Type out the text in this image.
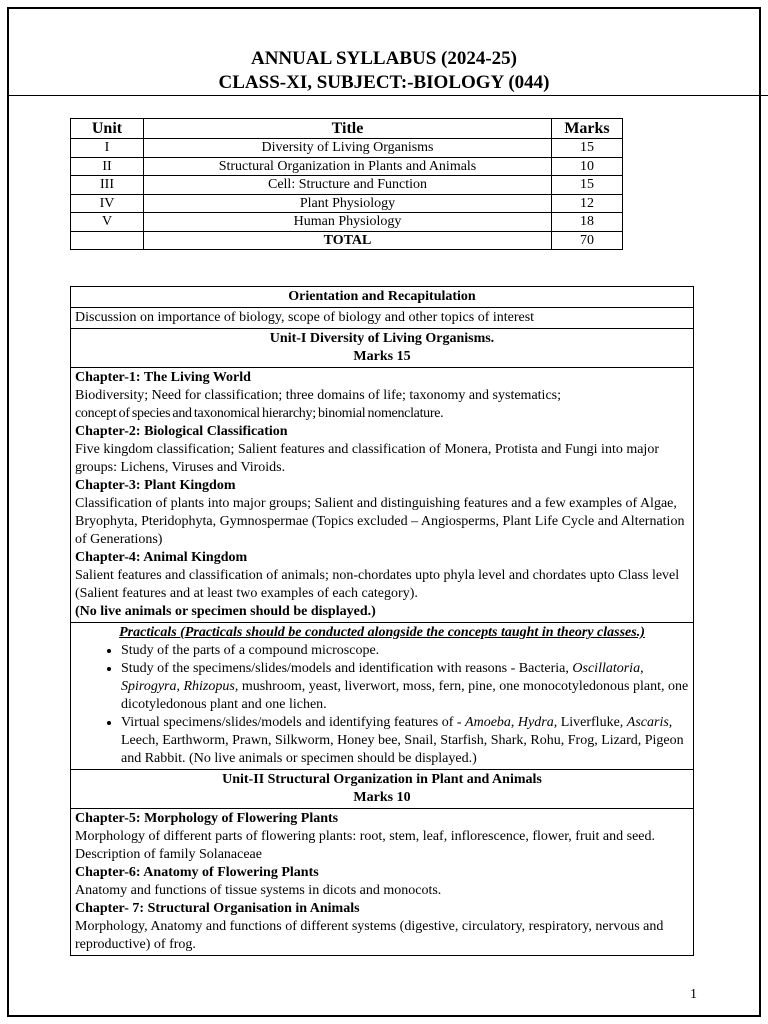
ANNUAL SYLLABUS (2024-25)
CLASS-XI, SUBJECT:-BIOLOGY (044)
Unit	Title	Marks
I	Diversity of Living Organisms	15
II	Structural Organization in Plants and Animals	10
III	Cell: Structure and Function	15
IV	Plant Physiology	12
V	Human Physiology	18
	TOTAL	70
Orientation and Recapitulation
Discussion on importance of biology, scope of biology and other topics of interest
Unit-I Diversity of Living Organisms.
Marks 15
Chapter-1: The Living World
Biodiversity; Need for classification; three domains of life; taxonomy and systematics;
concept of species and taxonomical hierarchy; binomial nomenclature.
Chapter-2: Biological Classification
Five kingdom classification; Salient features and classification of Monera, Protista and Fungi into major groups: Lichens, Viruses and Viroids.
Chapter-3: Plant Kingdom
Classification of plants into major groups; Salient and distinguishing features and a few examples of Algae, Bryophyta, Pteridophyta, Gymnospermae (Topics excluded – Angiosperms, Plant Life Cycle and Alternation of Generations)
Chapter-4: Animal Kingdom
Salient features and classification of animals; non-chordates upto phyla level and chordates upto Class level (Salient features and at least two examples of each category).
(No live animals or specimen should be displayed.)
Practicals (Practicals should be conducted alongside the concepts taught in theory classes.)
• Study of the parts of a compound microscope.
• Study of the specimens/slides/models and identification with reasons - Bacteria, Oscillatoria, Spirogyra, Rhizopus, mushroom, yeast, liverwort, moss, fern, pine, one monocotyledonous plant, one dicotyledonous plant and one lichen.
• Virtual specimens/slides/models and identifying features of - Amoeba, Hydra, Liverfluke, Ascaris, Leech, Earthworm, Prawn, Silkworm, Honey bee, Snail, Starfish, Shark, Rohu, Frog, Lizard, Pigeon and Rabbit. (No live animals or specimen should be displayed.)
Unit-II Structural Organization in Plant and Animals
Marks 10
Chapter-5: Morphology of Flowering Plants
Morphology of different parts of flowering plants: root, stem, leaf, inflorescence, flower, fruit and seed. Description of family Solanaceae
Chapter-6: Anatomy of Flowering Plants
Anatomy and functions of tissue systems in dicots and monocots.
Chapter- 7: Structural Organisation in Animals
Morphology, Anatomy and functions of different systems (digestive, circulatory, respiratory, nervous and reproductive) of frog.
1
